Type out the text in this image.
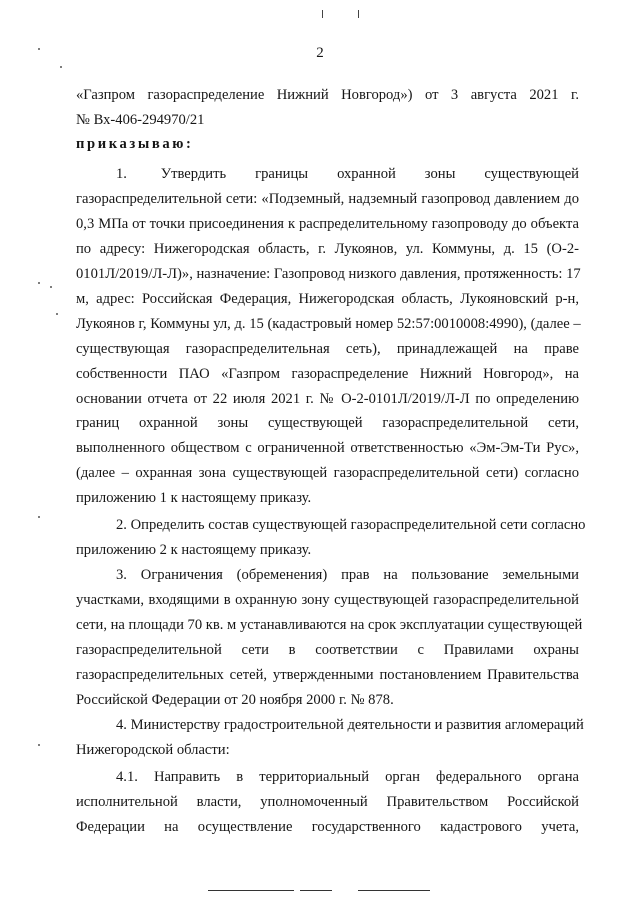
2
«Газпром газораспределение Нижний Новгород») от 3 августа 2021 г.
№ Вх-406-294970/21
приказываю:
1.       Утвердить      границы      охранной      зоны      существующей
газораспределительной сети: «Подземный, надземный газопровод давлением до
0,3 МПа от точки присоединения к распределительному газопроводу до объекта
по адресу: Нижегородская область, г. Лукоянов, ул. Коммуны, д. 15 (О-2-
0101Л/2019/Л-Л)», назначение: Газопровод низкого давления, протяженность: 17
м, адрес: Российская Федерация, Нижегородская область, Лукояновский р-н,
Лукоянов г, Коммуны ул, д. 15 (кадастровый номер 52:57:0010008:4990), (далее –
существующая газораспределительная сеть), принадлежащей на праве
собственности ПАО «Газпром газораспределение Нижний Новгород», на
основании отчета от 22 июля 2021 г. № О-2-0101Л/2019/Л-Л по определению
границ охранной зоны существующей газораспределительной сети,
выполненного обществом с ограниченной ответственностью «Эм-Эм-Ти Рус»,
(далее – охранная зона существующей газораспределительной сети) согласно
приложению 1 к настоящему приказу.
2. Определить состав существующей газораспределительной сети согласно
приложению 2 к настоящему приказу.
3. Ограничения (обременения) прав на пользование земельными
участками, входящими в охранную зону существующей газораспределительной
сети, на площади 70 кв. м устанавливаются на срок эксплуатации существующей
газораспределительной сети в соответствии с Правилами охраны
газораспределительных сетей, утвержденными постановлением Правительства
Российской Федерации от 20 ноября 2000 г. № 878.
4. Министерству градостроительной деятельности и развития агломераций
Нижегородской области:
4.1. Направить в территориальный орган федерального органа
исполнительной власти, уполномоченный Правительством Российской
Федерации на осуществление государственного кадастрового учета,
